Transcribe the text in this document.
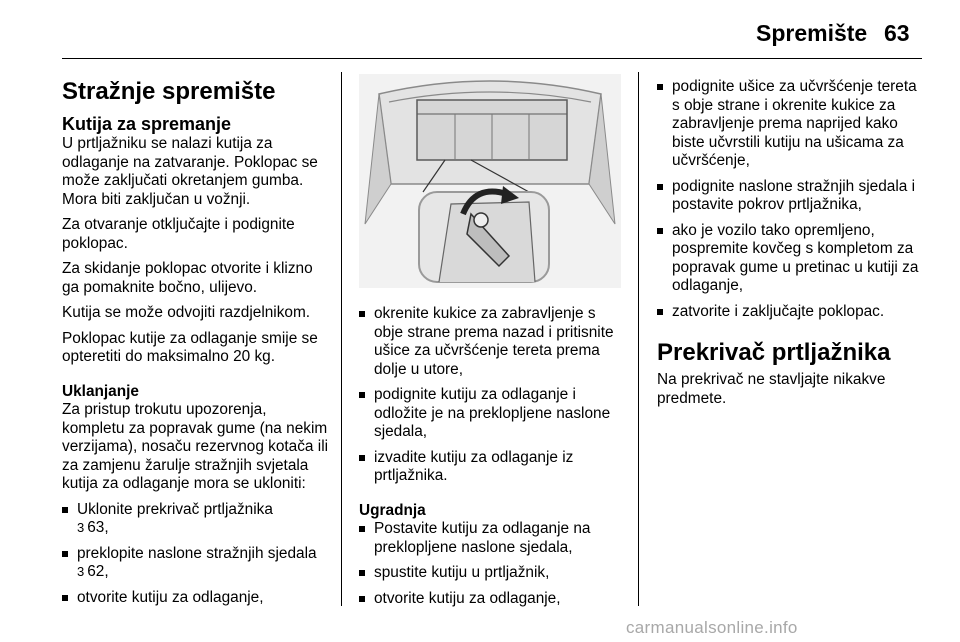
Spremište 63
Stražnje spremište
Kutija za spremanje

U prtljažniku se nalazi kutija za odlaganje na zatvaranje. Poklopac se može zaključati okretanjem gumba. Mora biti zaključan u vožnji.

Za otvaranje otključajte i podignite poklopac.

Za skidanje poklopac otvorite i klizno ga pomaknite bočno, ulijevo.

Kutija se može odvojiti razdjelnikom.

Poklopac kutije za odlaganje smije se opteretiti do maksimalno 20 kg.

Uklanjanje

Za pristup trokutu upozorenja, kompletu za popravak gume (na nekim verzijama), nosaču rezervnog kotača ili za zamjenu žarulje stražnjih svjetala kutija za odlaganje mora se ukloniti:

Uklonite prekrivač prtljažnika
3 63,
preklopite naslone stražnjih sjedala
3 62,
otvorite kutiju za odlaganje,
okrenite kukice za zabravljenje s obje strane prema nazad i pritisnite ušice za učvršćenje tereta prema dolje u utore,
podignite kutiju za odlaganje i odložite je na preklopljene naslone sjedala,
izvadite kutiju za odlaganje iz prtljažnika.
Ugradnja
Postavite kutiju za odlaganje na preklopljene naslone sjedala,
spustite kutiju u prtljažnik,
otvorite kutiju za odlaganje,
podignite ušice za učvršćenje tereta s obje strane i okrenite kukice za zabravljenje prema naprijed kako biste učvrstili kutiju na ušicama za učvršćenje,
podignite naslone stražnjih sjedala i postavite pokrov prtljažnika,
ako je vozilo tako opremljeno, pospremite kovčeg s kompletom za popravak gume u pretinac u kutiji za odlaganje,
zatvorite i zaključajte poklopac.
Prekrivač prtljažnika

Na prekrivač ne stavljajte nikakve predmete.

carmanualsonline.info
